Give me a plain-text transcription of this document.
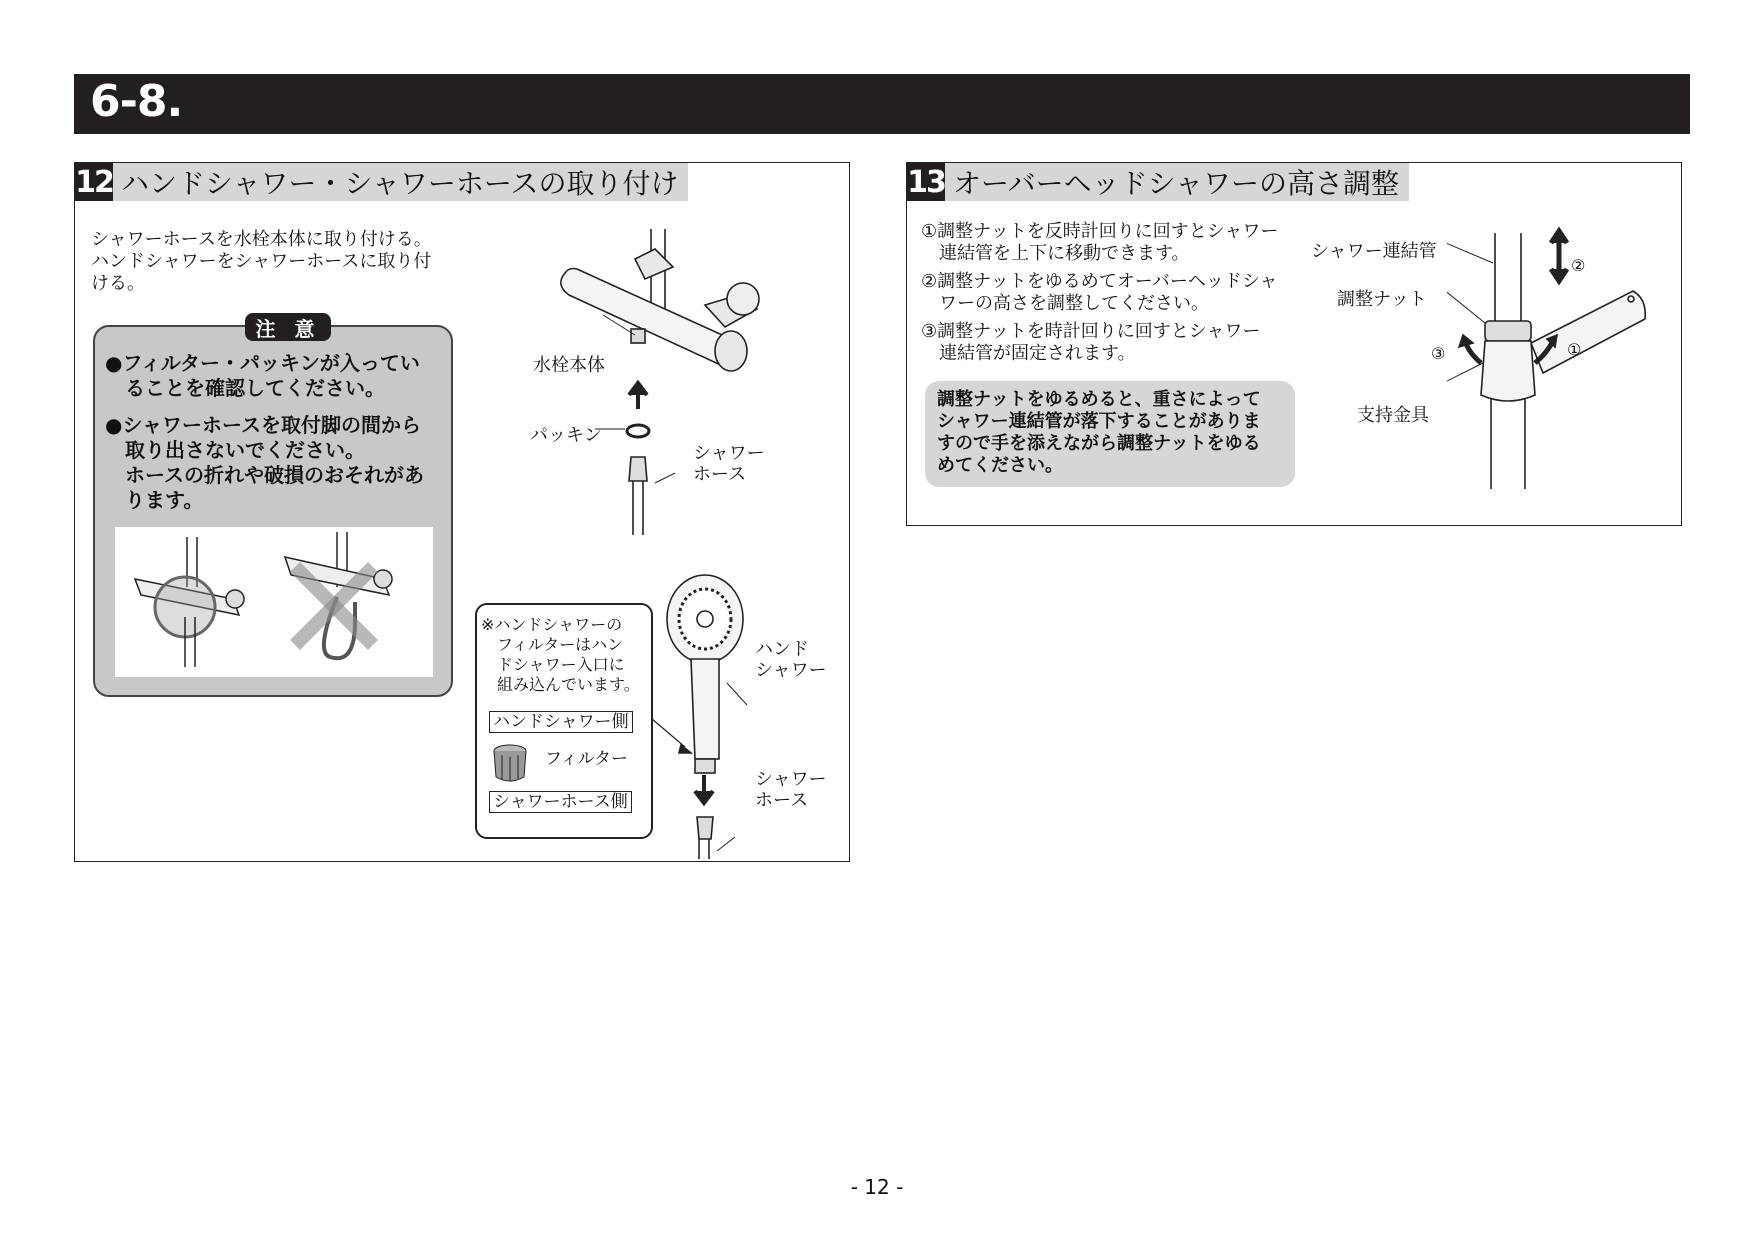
6-8.
12 ハンドシャワー・シャワーホースの取り付け
シャワーホースを水栓本体に取り付ける。
ハンドシャワーをシャワーホースに取り付
ける。
注 意
●フィルター・パッキンが入ってい
　ることを確認してください。
●シャワーホースを取付脚の間から
　取り出さないでください。
　ホースの折れや破損のおそれがあ
　ります。
水栓本体
パッキン
シャワー
ホース
ハンド
シャワー
シャワー
ホース
※ハンドシャワーの
　フィルターはハン
　ドシャワー入口に
　組み込んでいます。
ハンドシャワー側
フィルター
シャワーホース側
13 オーバーヘッドシャワーの高さ調整
①調整ナットを反時計回りに回すとシャワー
　連結管を上下に移動できます。
②調整ナットをゆるめてオーバーヘッドシャ
　ワーの高さを調整してください。
③調整ナットを時計回りに回すとシャワー
　連結管が固定されます。
調整ナットをゆるめると、重さによって
シャワー連結管が落下することがありま
すので手を添えながら調整ナットをゆる
めてください。
シャワー連結管
調整ナット
支持金具
①
②
③
- 12 -
